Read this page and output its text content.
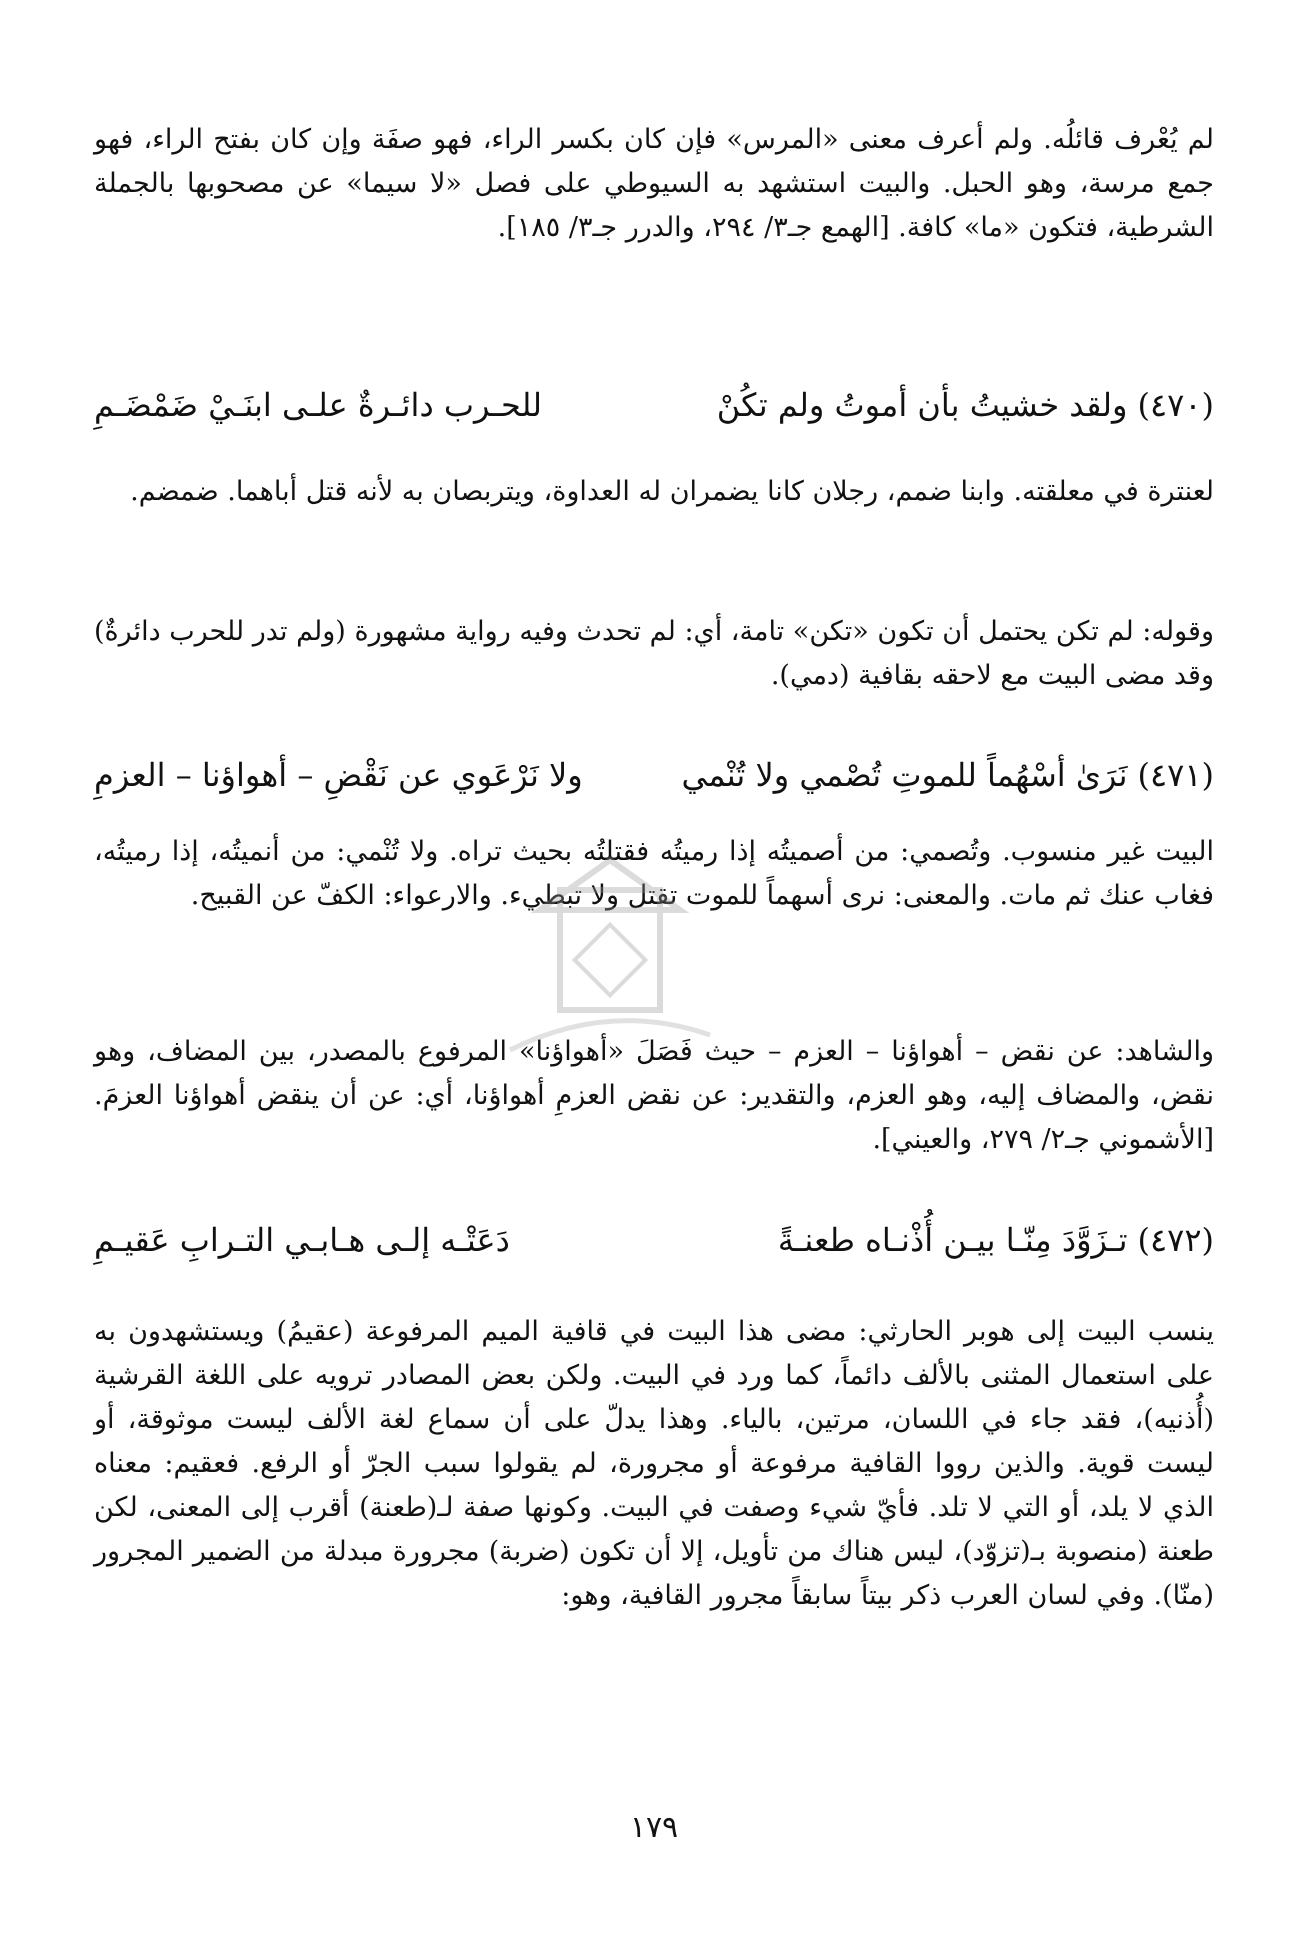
لم يُعْرف قائلُه. ولم أعرف معنى «المرس» فإن كان بكسر الراء، فهو صفَة وإن كان بفتح الراء، فهو جمع مرسة، وهو الحبل. والبيت استشهد به السيوطي على فصل «لا سيما» عن مصحوبها بالجملة الشرطية، فتكون «ما» كافة. [الهمع جـ٣/ ٢٩٤، والدرر جـ٣/ ١٨٥].

(٤٧٠)
ولقد خشيتُ بأن أموتُ ولم تكُنْ
للحـرب دائـرةٌ علـى ابنَـيْ ضَمْضَـمِ

لعنترة في معلقته. وابنا ضمم، رجلان كانا يضمران له العداوة، ويتربصان به لأنه قتل أباهما. ضمضم.

وقوله: لم تكن يحتمل أن تكون «تكن» تامة، أي: لم تحدث وفيه رواية مشهورة (ولم تدر للحرب دائرةٌ) وقد مضى البيت مع لاحقه بقافية (دمي).

(٤٧١)
نَرَىٰ أسْهُماً للموتِ تُصْمي ولا تُنْمي
ولا نَرْعَوي عن نَقْضِ – أهواؤنا – العزمِ

البيت غير منسوب. وتُصمي: من أصميتُه إذا رميتُه فقتلتُه بحيث تراه. ولا تُنْمي: من أنميتُه، إذا رميتُه، فغاب عنك ثم مات. والمعنى: نرى أسهماً للموت تقتل ولا تبطيء. والارعواء: الكفّ عن القبيح.

والشاهد: عن نقض – أهواؤنا – العزم – حيث فَصَلَ «أهواؤنا» المرفوع بالمصدر، بين المضاف، وهو نقض، والمضاف إليه، وهو العزم، والتقدير: عن نقض العزمِ أهواؤنا، أي: عن أن ينقض أهواؤنا العزمَ. [الأشموني جـ٢/ ٢٧٩، والعيني].

(٤٧٢)
تـزَوَّدَ مِنّـا بيـن أُذْنـاه طعنـةً
دَعَتْـه إلـى هـابـي التـرابِ عَقيـمِ

ينسب البيت إلى هوبر الحارثي: مضى هذا البيت في قافية الميم المرفوعة (عقيمُ) ويستشهدون به على استعمال المثنى بالألف دائماً، كما ورد في البيت. ولكن بعض المصادر ترويه على اللغة القرشية (أُذنيه)، فقد جاء في اللسان، مرتين، بالياء. وهذا يدلّ على أن سماع لغة الألف ليست موثوقة، أو ليست قوية. والذين رووا القافية مرفوعة أو مجرورة، لم يقولوا سبب الجرّ أو الرفع. فعقيم: معناه الذي لا يلد، أو التي لا تلد. فأيّ شيء وصفت في البيت. وكونها صفة لـ(طعنة) أقرب إلى المعنى، لكن طعنة (منصوبة بـ(تزوّد)، ليس هناك من تأويل، إلا أن تكون (ضربة) مجرورة مبدلة من الضمير المجرور (منّا). وفي لسان العرب ذكر بيتاً سابقاً مجرور القافية، وهو:

١٧٩
